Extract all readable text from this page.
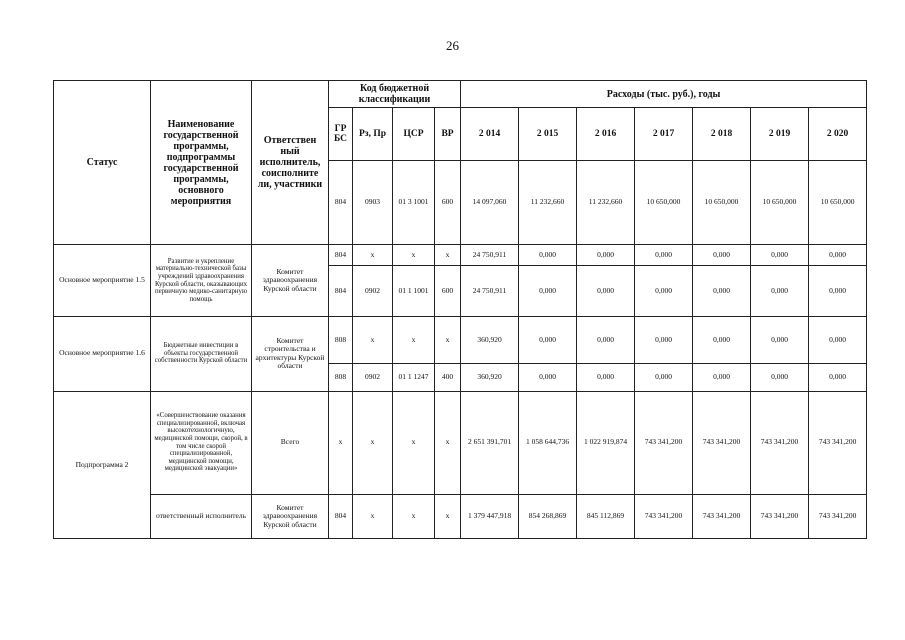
26
Статус	Наименование государственной программы, подпрограммы государственной программы, основного мероприятия	Ответствен ный исполнитель, соисполните ли, участники	Код бюджетной классификации				Расходы (тыс. руб.), годы						
			ГР БС	Рз, Пр	ЦСР	ВР	2 014	2 015	2 016	2 017	2 018	2 019	2 020
			804	0903	01 3 1001	600	14 097,060	11 232,660	11 232,660	10 650,000	10 650,000	10 650,000	10 650,000
Основное мероприятие 1.5	Развитие и укрепление материально-технической базы учреждений здравоохранения Курской области, оказывающих первичную медико-санитарную помощь	Комитет здравоохранения Курской области	804	х	х	х	24 750,911	0,000	0,000	0,000	0,000	0,000	0,000
			804	0902	01 1 1001	600	24 750,911	0,000	0,000	0,000	0,000	0,000	0,000
Основное мероприятие 1.6	Бюджетные инвестиции в объекты государственной собственности Курской области	Комитет строительства и архитектуры Курской области	808	х	х	х	360,920	0,000	0,000	0,000	0,000	0,000	0,000
			808	0902	01 1 1247	400	360,920	0,000	0,000	0,000	0,000	0,000	0,000
Подпрограмма 2	«Совершенствование оказания специализированной, включая высокотехнологичную, медицинской помощи, скорой, в том числе скорой специализированной, медицинской помощи, медицинской эвакуации»	Всего	х	х	х	х	2 651 391,701	1 058 644,736	1 022 919,874	743 341,200	743 341,200	743 341,200	743 341,200
	ответственный исполнитель	Комитет здравоохранения Курской области	804	х	х	х	1 379 447,918	854 268,869	845 112,869	743 341,200	743 341,200	743 341,200	743 341,200
